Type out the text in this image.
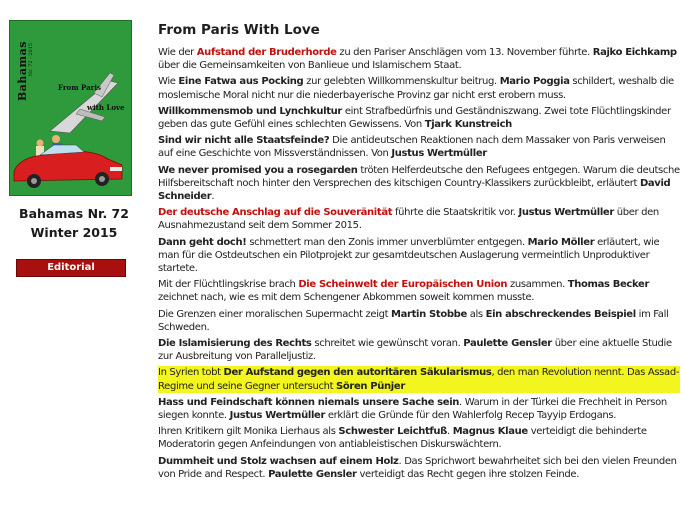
Bahamas Nr. 72 · 2015
From Paris
with Love
Bahamas Nr. 72
Winter 2015
Editorial
From Paris With Love
Wie der Aufstand der Bruderhorde zu den Pariser Anschlägen vom 13. November führte. Rajko Eichkamp über die Gemeinsamkeiten von Banlieue und Islamischem Staat.
Wie Eine Fatwa aus Pocking zur gelebten Willkommenskultur beitrug. Mario Poggia schildert, weshalb die moslemische Moral nicht nur die niederbayerische Provinz gar nicht erst erobern muss.
Willkommensmob und Lynchkultur eint Strafbedürfnis und Geständniszwang. Zwei tote Flüchtlingskinder geben das gute Gefühl eines schlechten Gewissens. Von Tjark Kunstreich
Sind wir nicht alle Staatsfeinde? Die antideutschen Reaktionen nach dem Massaker von Paris verweisen auf eine Geschichte von Missverständnissen. Von Justus Wertmüller
We never promised you a rosegarden tröten Helferdeutsche den Refugees entgegen. Warum die deutsche Hilfsbereitschaft noch hinter den Versprechen des kitschigen Country-Klassikers zurückbleibt, erläutert David Schneider.
Der deutsche Anschlag auf die Souveränität führte die Staatskritik vor. Justus Wertmüller über den Ausnahmezustand seit dem Sommer 2015.
Dann geht doch! schmettert man den Zonis immer unverblümter entgegen. Mario Möller erläutert, wie man für die Ostdeutschen ein Pilotprojekt zur gesamtdeutschen Auslagerung vermeintlich Unproduktiver startete.
Mit der Flüchtlingskrise brach Die Scheinwelt der Europäischen Union zusammen. Thomas Becker zeichnet nach, wie es mit dem Schengener Abkommen soweit kommen musste.
Die Grenzen einer moralischen Supermacht zeigt Martin Stobbe als Ein abschreckendes Beispiel im Fall Schweden.
Die Islamisierung des Rechts schreitet wie gewünscht voran. Paulette Gensler über eine aktuelle Studie zur Ausbreitung von Paralleljustiz.
In Syrien tobt Der Aufstand gegen den autoritären Säkularismus, den man Revolution nennt. Das Assad-Regime und seine Gegner untersucht Sören Pünjer
Hass und Feindschaft können niemals unsere Sache sein. Warum in der Türkei die Frechheit in Person siegen konnte. Justus Wertmüller erklärt die Gründe für den Wahlerfolg Recep Tayyip Erdogans.
Ihren Kritikern gilt Monika Lierhaus als Schwester Leichtfuß. Magnus Klaue verteidigt die behinderte Moderatorin gegen Anfeindungen von antiableistischen Diskurswächtern.
Dummheit und Stolz wachsen auf einem Holz. Das Sprichwort bewahrheitet sich bei den vielen Freunden von Pride and Respect. Paulette Gensler verteidigt das Recht gegen ihre stolzen Feinde.
